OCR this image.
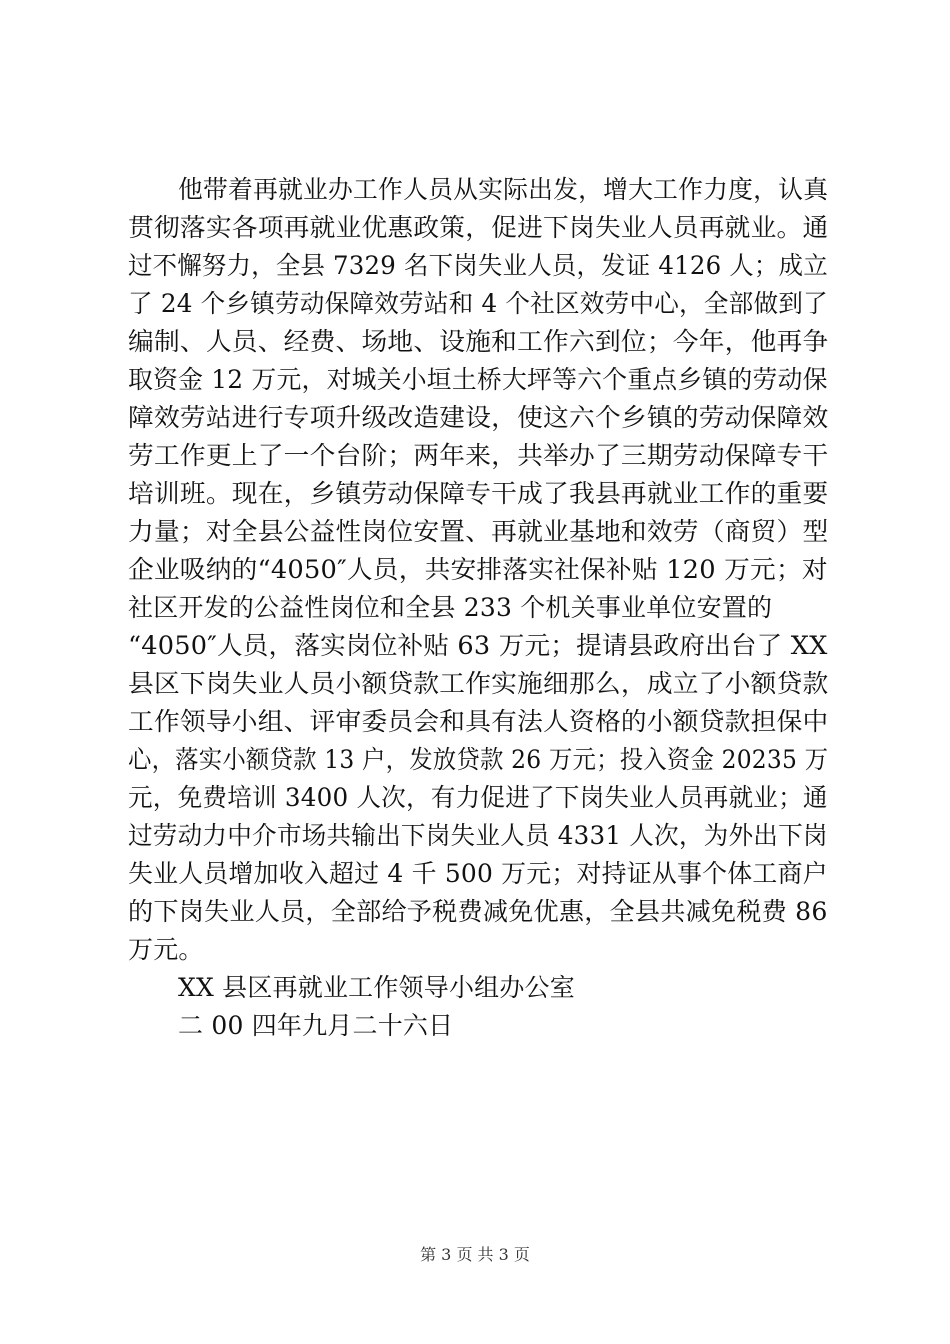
他带着再就业办工作人员从实际出发，增大工作力度，认真
贯彻落实各项再就业优惠政策，促进下岗失业人员再就业。通
过不懈努力，全县 7329 名下岗失业人员，发证 4126 人；成立
了 24 个乡镇劳动保障效劳站和 4 个社区效劳中心，全部做到了
编制、人员、经费、场地、设施和工作六到位；今年，他再争
取资金 12 万元，对城关小垣土桥大坪等六个重点乡镇的劳动保
障效劳站进行专项升级改造建设，使这六个乡镇的劳动保障效
劳工作更上了一个台阶；两年来，共举办了三期劳动保障专干
培训班。现在，乡镇劳动保障专干成了我县再就业工作的重要
力量；对全县公益性岗位安置、再就业基地和效劳（商贸）型
企业吸纳的“4050″人员，共安排落实社保补贴 120 万元；对
社区开发的公益性岗位和全县 233 个机关事业单位安置的
“4050″人员，落实岗位补贴 63 万元；提请县政府出台了 XX
县区下岗失业人员小额贷款工作实施细那么，成立了小额贷款
工作领导小组、评审委员会和具有法人资格的小额贷款担保中
心，落实小额贷款 13 户，发放贷款 26 万元；投入资金 20235 万
元，免费培训 3400 人次，有力促进了下岗失业人员再就业；通
过劳动力中介市场共输出下岗失业人员 4331 人次，为外出下岗
失业人员增加收入超过 4 千 500 万元；对持证从事个体工商户
的下岗失业人员，全部给予税费减免优惠，全县共减免税费 86
万元。
XX 县区再就业工作领导小组办公室
二 00 四年九月二十六日
第 3 页 共 3 页
